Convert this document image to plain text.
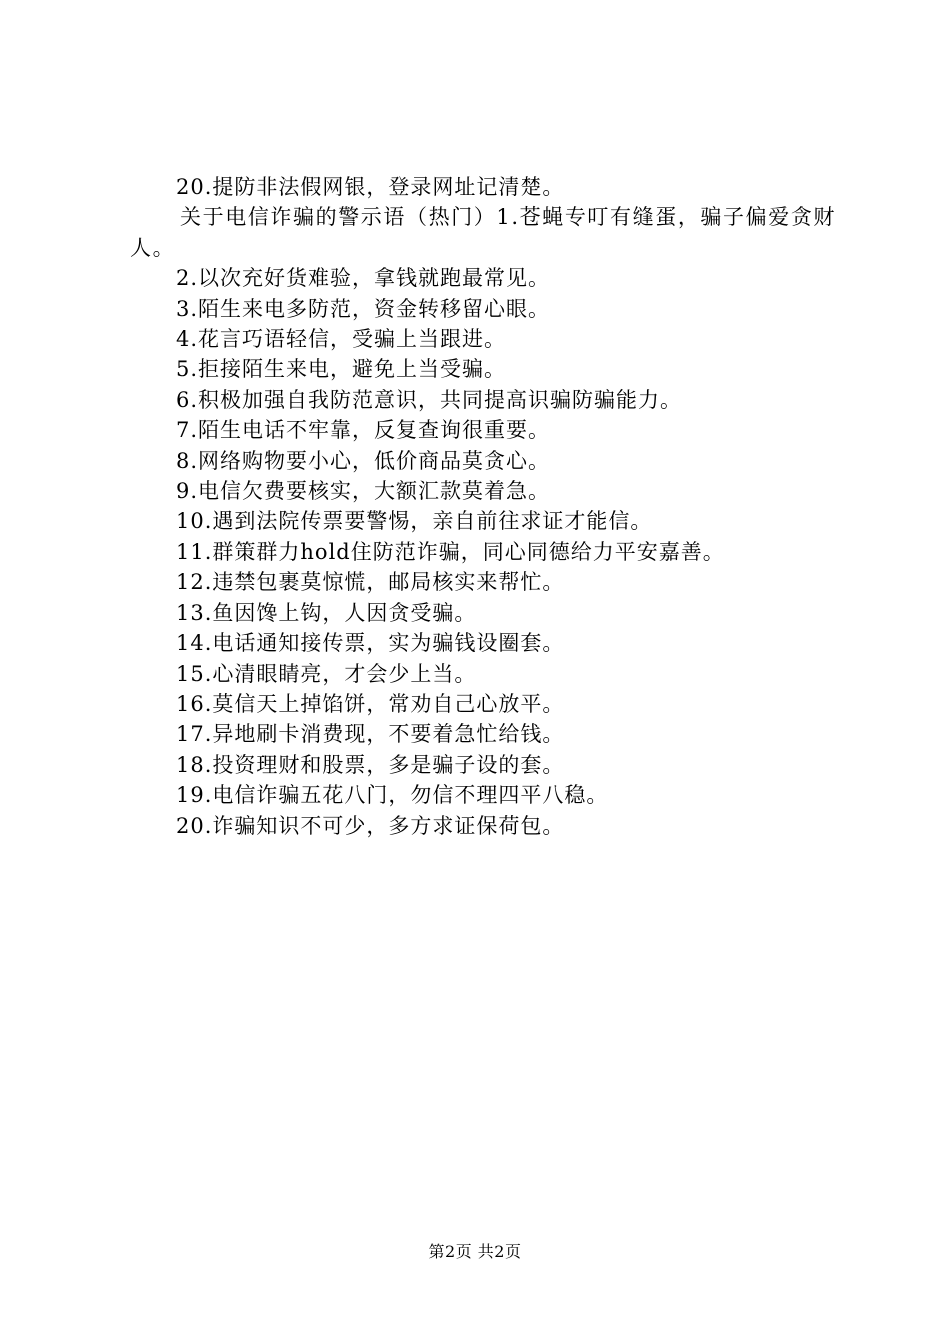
20.提防非法假网银，登录网址记清楚。
关于电信诈骗的警示语（热门）1.苍蝇专叮有缝蛋，骗子偏爱贪财人。
2.以次充好货难验，拿钱就跑最常见。
3.陌生来电多防范，资金转移留心眼。
4.花言巧语轻信，受骗上当跟进。
5.拒接陌生来电，避免上当受骗。
6.积极加强自我防范意识，共同提高识骗防骗能力。
7.陌生电话不牢靠，反复查询很重要。
8.网络购物要小心，低价商品莫贪心。
9.电信欠费要核实，大额汇款莫着急。
10.遇到法院传票要警惕，亲自前往求证才能信。
11.群策群力hold住防范诈骗，同心同德给力平安嘉善。
12.违禁包裹莫惊慌，邮局核实来帮忙。
13.鱼因馋上钩，人因贪受骗。
14.电话通知接传票，实为骗钱设圈套。
15.心清眼睛亮，才会少上当。
16.莫信天上掉馅饼，常劝自己心放平。
17.异地刷卡消费现，不要着急忙给钱。
18.投资理财和股票，多是骗子设的套。
19.电信诈骗五花八门，勿信不理四平八稳。
20.诈骗知识不可少，多方求证保荷包。
第2页 共2页
